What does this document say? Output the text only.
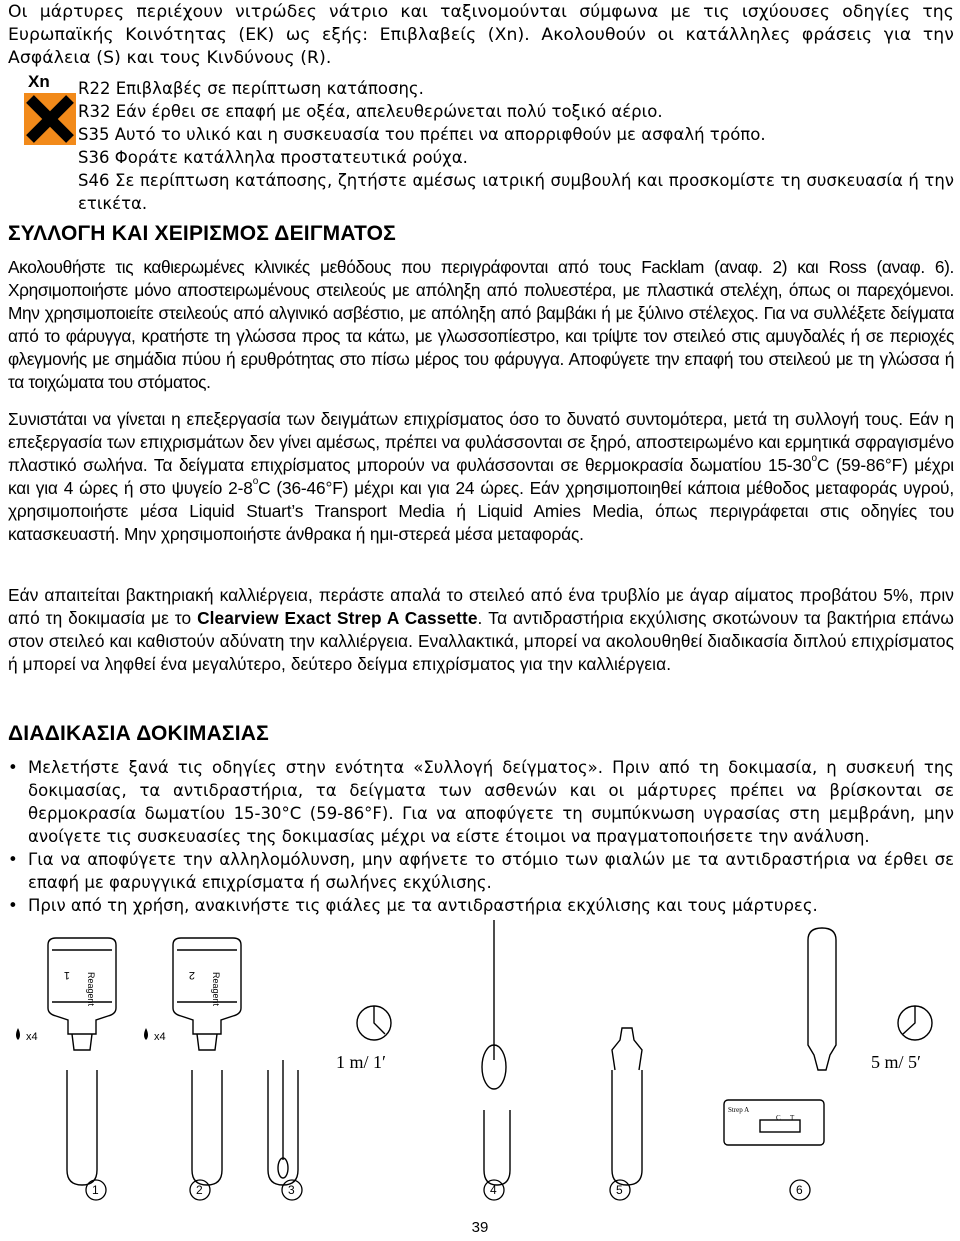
Οι μάρτυρες περιέχουν νιτρώδες νάτριο και ταξινομούνται σύμφωνα με τις ισχύουσες οδηγίες της Ευρωπαϊκής Κοινότητας (ΕΚ) ως εξής: Επιβλαβείς (Xn). Ακολουθούν οι κατάλληλες φράσεις για την Ασφάλεια (S) και τους Κινδύνους (R).

Xn	R22 Επιβλαβές σε περίπτωση κατάποσης.
R32 Εάν έρθει σε επαφή με οξέα, απελευθερώνεται πολύ τοξικό αέριο.
S35 Αυτό το υλικό και η συσκευασία του πρέπει να απορριφθούν με ασφαλή τρόπο.
S36 Φοράτε κατάλληλα προστατευτικά ρούχα.
S46 Σε περίπτωση κατάποσης, ζητήστε αμέσως ιατρική συμβουλή και προσκομίστε τη συσκευασία ή την ετικέτα.
ΣΥΛΛΟΓΗ ΚΑΙ ΧΕΙΡΙΣΜΟΣ ΔΕΙΓΜΑΤΟΣ

Ακολουθήστε τις καθιερωμένες κλινικές μεθόδους που περιγράφονται από τους Facklam (αναφ. 2) και Ross (αναφ. 6). Χρησιμοποιήστε μόνο αποστειρωμένους στειλεούς με απόληξη από πολυεστέρα, με πλαστικά στελέχη, όπως οι παρεχόμενοι. Μην χρησιμοποιείτε στειλεούς από αλγινικό ασβέστιο, με απόληξη από βαμβάκι ή με ξύλινο στέλεχος. Για να συλλέξετε δείγματα από το φάρυγγα, κρατήστε τη γλώσσα προς τα κάτω, με γλωσσοπίεστρο, και τρίψτε τον στειλεό στις αμυγδαλές ή σε περιοχές φλεγμονής με σημάδια πύου ή ερυθρότητας στο πίσω μέρος του φάρυγγα. Αποφύγετε την επαφή του στειλεού με τη γλώσσα ή τα τοιχώματα του στόματος.

Συνιστάται να γίνεται η επεξεργασία των δειγμάτων επιχρίσματος όσο το δυνατό συντομότερα, μετά τη συλλογή τους. Εάν η επεξεργασία των επιχρισμάτων δεν γίνει αμέσως, πρέπει να φυλάσσονται σε ξηρό, αποστειρωμένο και ερμητικά σφραγισμένο πλαστικό σωλήνα. Τα δείγματα επιχρίσματος μπορούν να φυλάσσονται σε θερμοκρασία δωματίου 15-30$^o$C (59-86°F) μέχρι και για 4 ώρες ή στο ψυγείο 2-8$^o$C (36-46°F) μέχρι και για 24 ώρες. Εάν χρησιμοποιηθεί κάποια μέθοδος μεταφοράς υγρού, χρησιμοποιήστε μέσα Liquid Stuart’s Transport Media ή Liquid Amies Media, όπως περιγράφεται στις οδηγίες του κατασκευαστή. Μην χρησιμοποιήστε άνθρακα ή ημι-στερεά μέσα μεταφοράς.

Εάν απαιτείται βακτηριακή καλλιέργεια, περάστε απαλά το στειλεό από ένα τρυβλίο με άγαρ αίματος προβάτου 5%, πριν από τη δοκιμασία με το Clearview Exact Strep A Cassette. Τα αντιδραστήρια εκχύλισης σκοτώνουν τα βακτήρια επάνω στον στειλεό και καθιστούν αδύνατη την καλλιέργεια. Εναλλακτικά, μπορεί να ακολουθηθεί διαδικασία διπλού επιχρίσματος ή μπορεί να ληφθεί ένα μεγαλύτερο, δεύτερο δείγμα επιχρίσματος για την καλλιέργεια.

ΔΙΑΔΙΚΑΣΙΑ ΔΟΚΙΜΑΣΙΑΣ
• Μελετήστε ξανά τις οδηγίες στην ενότητα «Συλλογή δείγματος». Πριν από τη δοκιμασία, η συσκευή της δοκιμασίας, τα αντιδραστήρια, τα δείγματα των ασθενών και οι μάρτυρες πρέπει να βρίσκονται σε θερμοκρασία δωματίου 15-30°C (59-86°F). Για να αποφύγετε τη συμπύκνωση υγρασίας στη μεμβράνη, μην ανοίγετε τις συσκευασίες της δοκιμασίας μέχρι να είστε έτοιμοι να πραγματοποιήσετε την ανάλυση.
• Για να αποφύγετε την αλληλομόλυνση, μην αφήνετε το στόμιο των φιαλών με τα αντιδραστήρια να έρθει σε επαφή με φαρυγγικά επιχρίσματα ή σωλήνες εκχύλισης.
• Πριν από τη χρήση, ανακινήστε τις φιάλες με τα αντιδραστήρια εκχύλισης και τους μάρτυρες.
Reagent
1	Reagent
2
x4	x4
1 m/ 1′	5 m/ 5′
Strep A
C T
1	2	3	4	5	6
39
